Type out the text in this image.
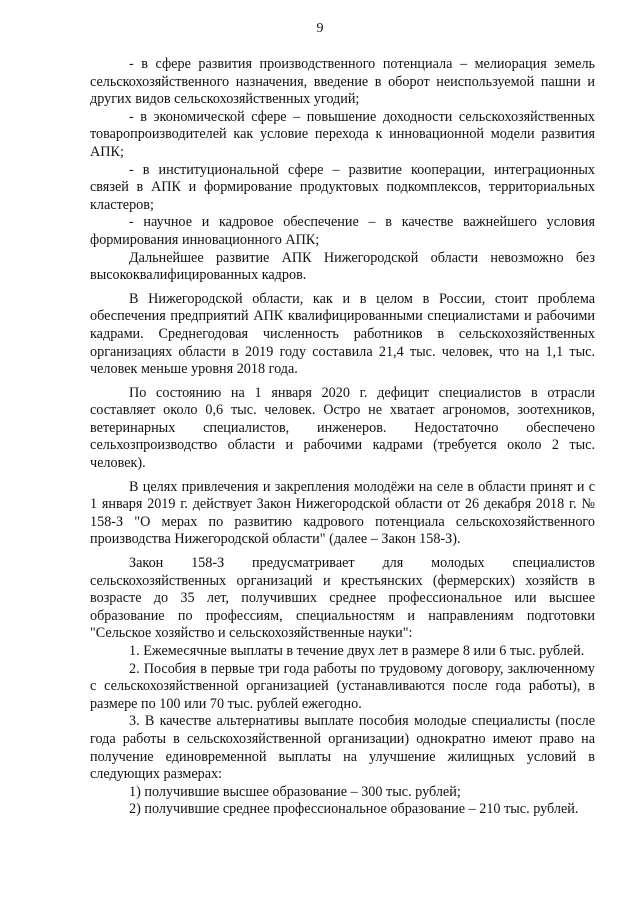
9

- в сфере развития производственного потенциала – мелиорация земель сельскохозяйственного назначения, введение в оборот неиспользуемой пашни и других видов сельскохозяйственных угодий;

- в экономической сфере – повышение доходности сельскохозяйственных товаропроизводителей как условие перехода к инновационной модели развития АПК;

- в институциональной сфере – развитие кооперации, интеграционных связей в АПК и формирование продуктовых подкомплексов, территориальных кластеров;

- научное и кадровое обеспечение – в качестве важнейшего условия формирования инновационного АПК;

Дальнейшее развитие АПК Нижегородской области невозможно без высококвалифицированных кадров.

В Нижегородской области, как и в целом в России, стоит проблема обеспечения предприятий АПК квалифицированными специалистами и рабочими кадрами. Среднегодовая численность работников в сельскохозяйственных организациях области в 2019 году составила 21,4 тыс. человек, что на 1,1 тыс. человек меньше уровня 2018 года.

По состоянию на 1 января 2020 г. дефицит специалистов в отрасли составляет около 0,6 тыс. человек. Остро не хватает агрономов, зоотехников, ветеринарных специалистов, инженеров. Недостаточно обеспечено сельхозпроизводство области и рабочими кадрами (требуется около 2 тыс. человек).

В целях привлечения и закрепления молодёжи на селе в области принят и с 1 января 2019 г. действует Закон Нижегородской области от 26 декабря 2018 г. № 158-З "О мерах по развитию кадрового потенциала сельскохозяйственного производства Нижегородской области" (далее – Закон 158-З).

Закон 158-З предусматривает для молодых специалистов сельскохозяйственных организаций и крестьянских (фермерских) хозяйств в возрасте до 35 лет, получивших среднее профессиональное или высшее образование по профессиям, специальностям и направлениям подготовки "Сельское хозяйство и сельскохозяйственные науки":

1. Ежемесячные выплаты в течение двух лет в размере 8 или 6 тыс. рублей.

2. Пособия в первые три года работы по трудовому договору, заключенному с сельскохозяйственной организацией (устанавливаются после года работы), в размере по 100 или 70 тыс. рублей ежегодно.

3. В качестве альтернативы выплате пособия молодые специалисты (после года работы в сельскохозяйственной организации) однократно имеют право на получение единовременной выплаты на улучшение жилищных условий в следующих размерах:

1) получившие высшее образование – 300 тыс. рублей;

2) получившие среднее профессиональное образование – 210 тыс. рублей.
